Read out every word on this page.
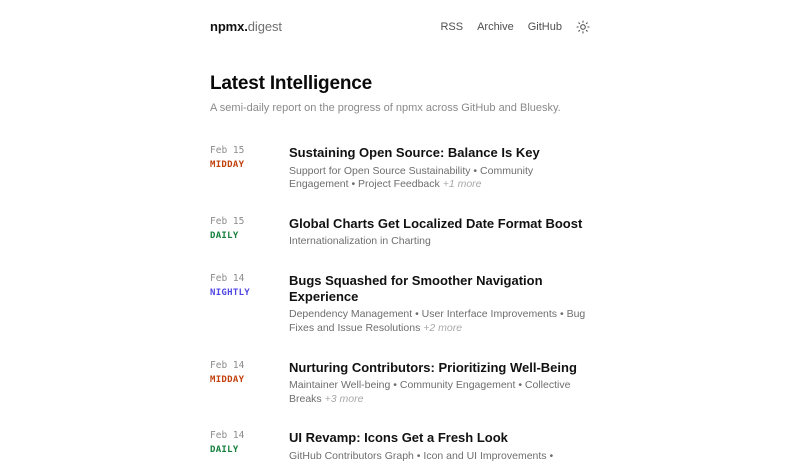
npmx.digest	RSS Archive GitHub
Latest Intelligence

A semi-daily report on the progress of npmx across GitHub and Bluesky.

Feb 15
MIDDAY
Sustaining Open Source: Balance Is Key

Support for Open Source Sustainability • Community Engagement • Project Feedback +1 more

Feb 15
DAILY
Global Charts Get Localized Date Format Boost

Internationalization in Charting

Feb 14
NIGHTLY
Bugs Squashed for Smoother Navigation Experience

Dependency Management • User Interface Improvements • Bug Fixes and Issue Resolutions +2 more

Feb 14
MIDDAY
Nurturing Contributors: Prioritizing Well-Being

Maintainer Well-being • Community Engagement • Collective Breaks +3 more

Feb 14
DAILY
UI Revamp: Icons Get a Fresh Look

GitHub Contributors Graph • Icon and UI Improvements •
